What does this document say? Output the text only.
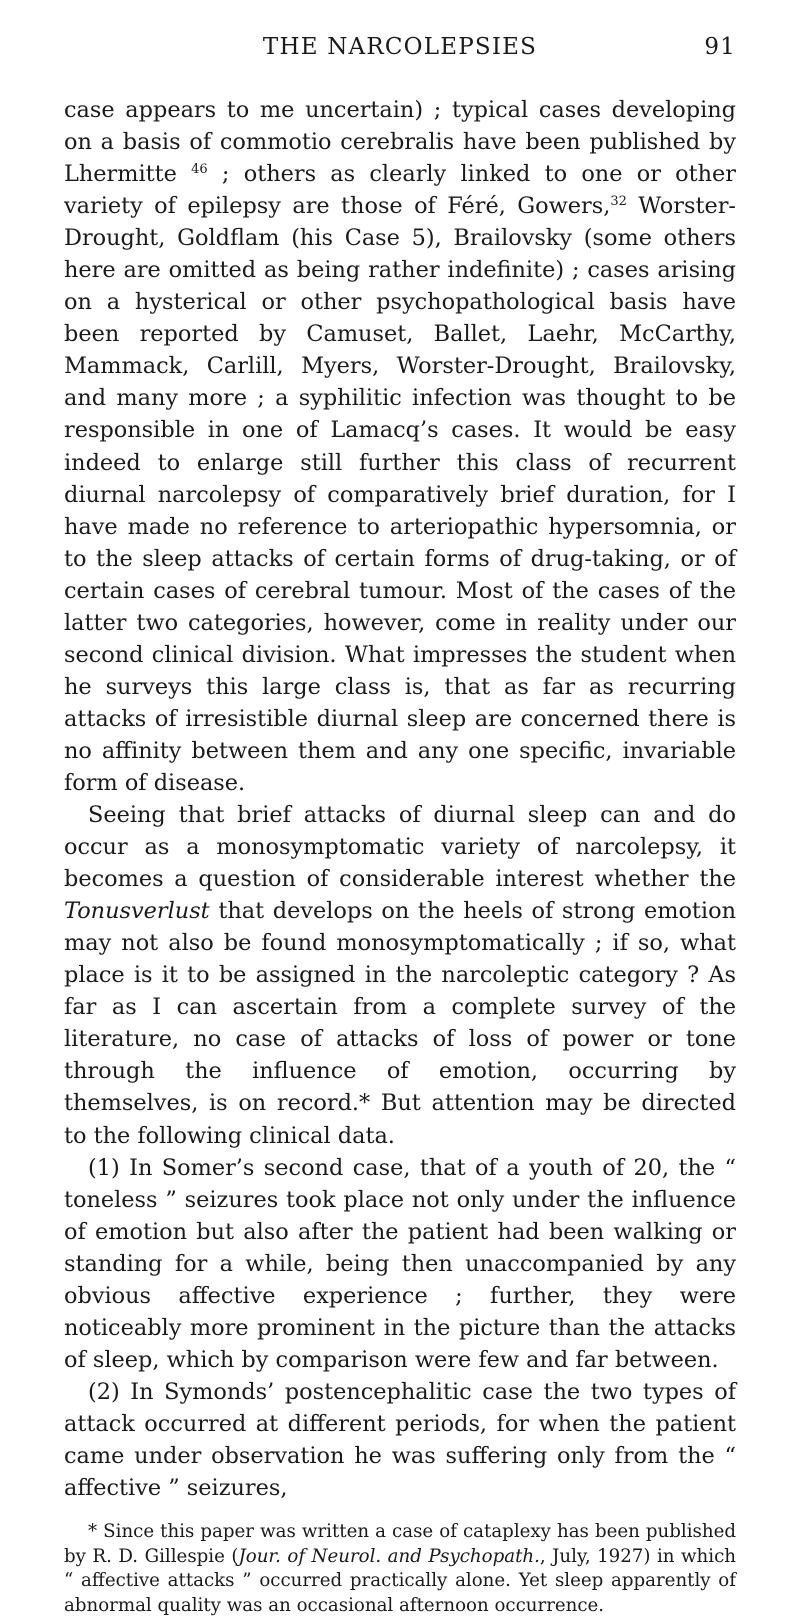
THE NARCOLEPSIES	91

case appears to me uncertain) ; typical cases developing on a basis of commotio cerebralis have been published by Lhermitte $^{46}$ ; others as clearly linked to one or other variety of epilepsy are those of Féré, Gowers,$^{32}$ Worster-Drought, Goldflam (his Case 5), Brailovsky (some others here are omitted as being rather indefinite) ; cases arising on a hysterical or other psychopathological basis have been reported by Camuset, Ballet, Laehr, McCarthy, Mammack, Carlill, Myers, Worster-Drought, Brailovsky, and many more ; a syphilitic infection was thought to be responsible in one of Lamacq’s cases. It would be easy indeed to enlarge still further this class of recurrent diurnal narcolepsy of comparatively brief duration, for I have made no reference to arteriopathic hypersomnia, or to the sleep attacks of certain forms of drug-taking, or of certain cases of cerebral tumour. Most of the cases of the latter two categories, however, come in reality under our second clinical division. What impresses the student when he surveys this large class is, that as far as recurring attacks of irresistible diurnal sleep are concerned there is no affinity between them and any one specific, invariable form of disease.

Seeing that brief attacks of diurnal sleep can and do occur as a monosymptomatic variety of narcolepsy, it becomes a question of considerable interest whether the Tonusverlust that develops on the heels of strong emotion may not also be found monosymptomatically ; if so, what place is it to be assigned in the narcoleptic category ? As far as I can ascertain from a complete survey of the literature, no case of attacks of loss of power or tone through the influence of emotion, occurring by themselves, is on record.* But attention may be directed to the following clinical data.

(1) In Somer’s second case, that of a youth of 20, the “ toneless ” seizures took place not only under the influence of emotion but also after the patient had been walking or standing for a while, being then unaccompanied by any obvious affective experience ; further, they were noticeably more prominent in the picture than the attacks of sleep, which by comparison were few and far between.

(2) In Symonds’ postencephalitic case the two types of attack occurred at different periods, for when the patient came under observation he was suffering only from the “ affective ” seizures,

* Since this paper was written a case of cataplexy has been published by R. D. Gillespie (Jour. of Neurol. and Psychopath., July, 1927) in which “ affective attacks ” occurred practically alone. Yet sleep apparently of abnormal quality was an occasional afternoon occurrence.
